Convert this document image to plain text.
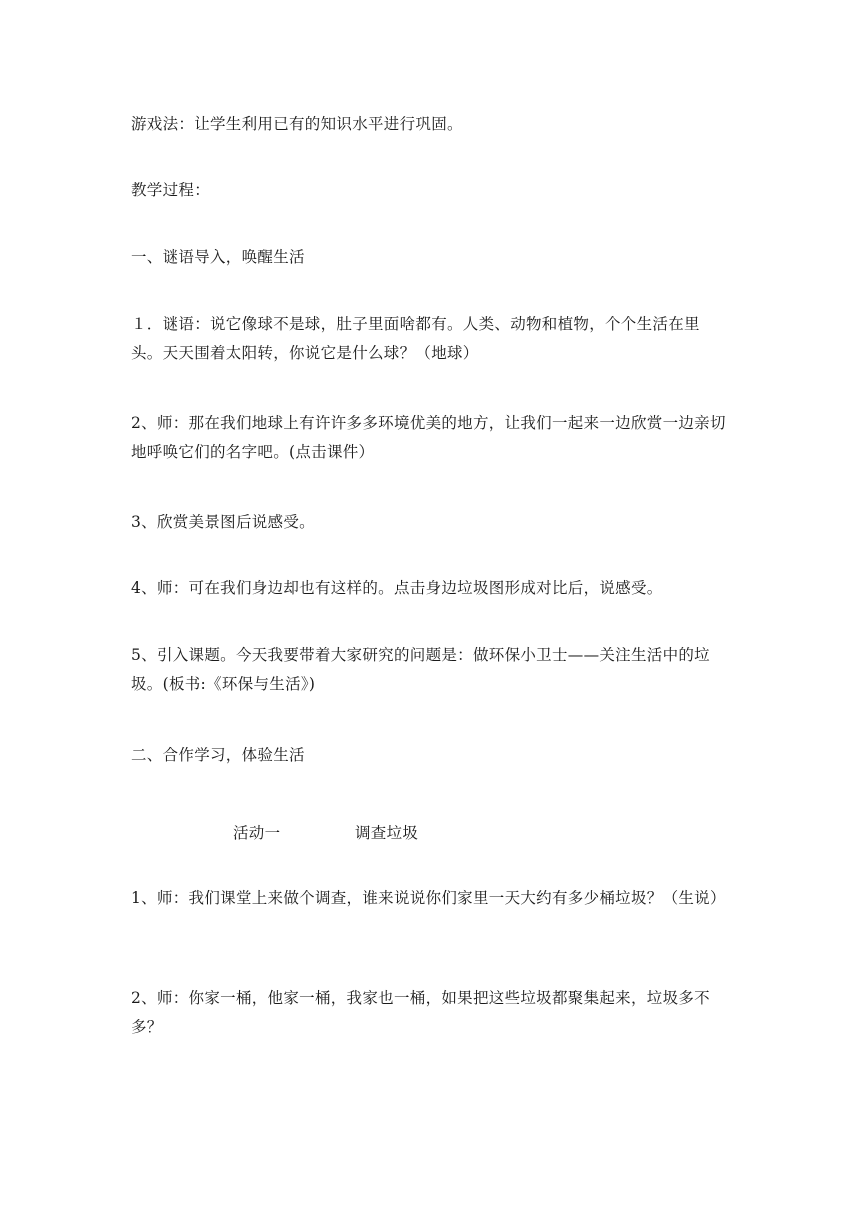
游戏法：让学生利用已有的知识水平进行巩固。

教学过程：

一、谜语导入，唤醒生活

１．谜语：说它像球不是球，肚子里面啥都有。人类、动物和植物，个个生活在里头。天天围着太阳转，你说它是什么球？（地球）

2、师：那在我们地球上有许许多多环境优美的地方，让我们一起来一边欣赏一边亲切地呼唤它们的名字吧。(点击课件）

3、欣赏美景图后说感受。

4、师：可在我们身边却也有这样的。点击身边垃圾图形成对比后，说感受。

5、引入课题。今天我要带着大家研究的问题是：做环保小卫士——关注生活中的垃圾。(板书:《环保与生活》)

二、合作学习，体验生活

活动一	调查垃圾

1、师：我们课堂上来做个调查，谁来说说你们家里一天大约有多少桶垃圾？（生说）

2、师：你家一桶，他家一桶，我家也一桶，如果把这些垃圾都聚集起来，垃圾多不多？
